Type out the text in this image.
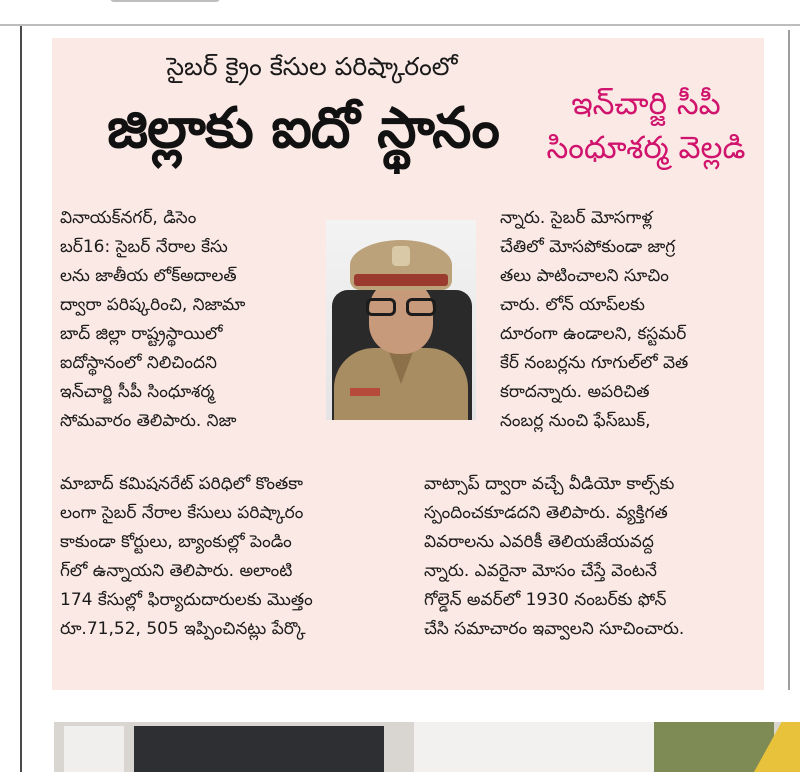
సైబర్ క్రైం కేసుల పరిష్కారంలో
జిల్లాకు ఐదో స్థానం	ఇన్‌చార్జి సీపీ
సింధూశర్మ వెల్లడి

వినాయక్‌నగర్, డిసెం

బర్16: సైబర్ నేరాల కేసు

లను జాతీయ లోక్‌అదాలత్

ద్వారా పరిష్కరించి, నిజామా

బాద్ జిల్లా రాష్ట్రస్థాయిలో

ఐదోస్థానంలో నిలిచిందని

ఇన్‌చార్జి సీపీ సింధూశర్మ

సోమవారం తెలిపారు. నిజా

న్నారు. సైబర్ మోసగాళ్ల

చేతిలో మోసపోకుండా జాగ్ర

తలు పాటించాలని సూచిం

చారు. లోన్ యాప్‌లకు

దూరంగా ఉండాలని, కస్టమర్

కేర్ నంబర్లను గూగుల్‌లో వెత

కరాదన్నారు. అపరిచిత

నంబర్ల నుంచి ఫేస్‌బుక్,

మాబాద్ కమిషనరేట్ పరిధిలో కొంతకా

లంగా సైబర్ నేరాల కేసులు పరిష్కారం

కాకుండా కోర్టులు, బ్యాంకుల్లో పెండిం

గ్‌లో ఉన్నాయని తెలిపారు. అలాంటి

174 కేసుల్లో ఫిర్యాదుదారులకు మొత్తం

రూ.71,52, 505 ఇప్పించినట్లు పేర్కొ

వాట్సాప్ ద్వారా వచ్చే వీడియో కాల్స్‌కు

స్పందించకూడదని తెలిపారు. వ్యక్తిగత

వివరాలను ఎవరికీ తెలియజేయవద్ద

న్నారు. ఎవరైనా మోసం చేస్తే వెంటనే

గోల్డెన్ అవర్‌లో 1930 నంబర్‌కు ఫోన్

చేసి సమాచారం ఇవ్వాలని సూచించారు.
